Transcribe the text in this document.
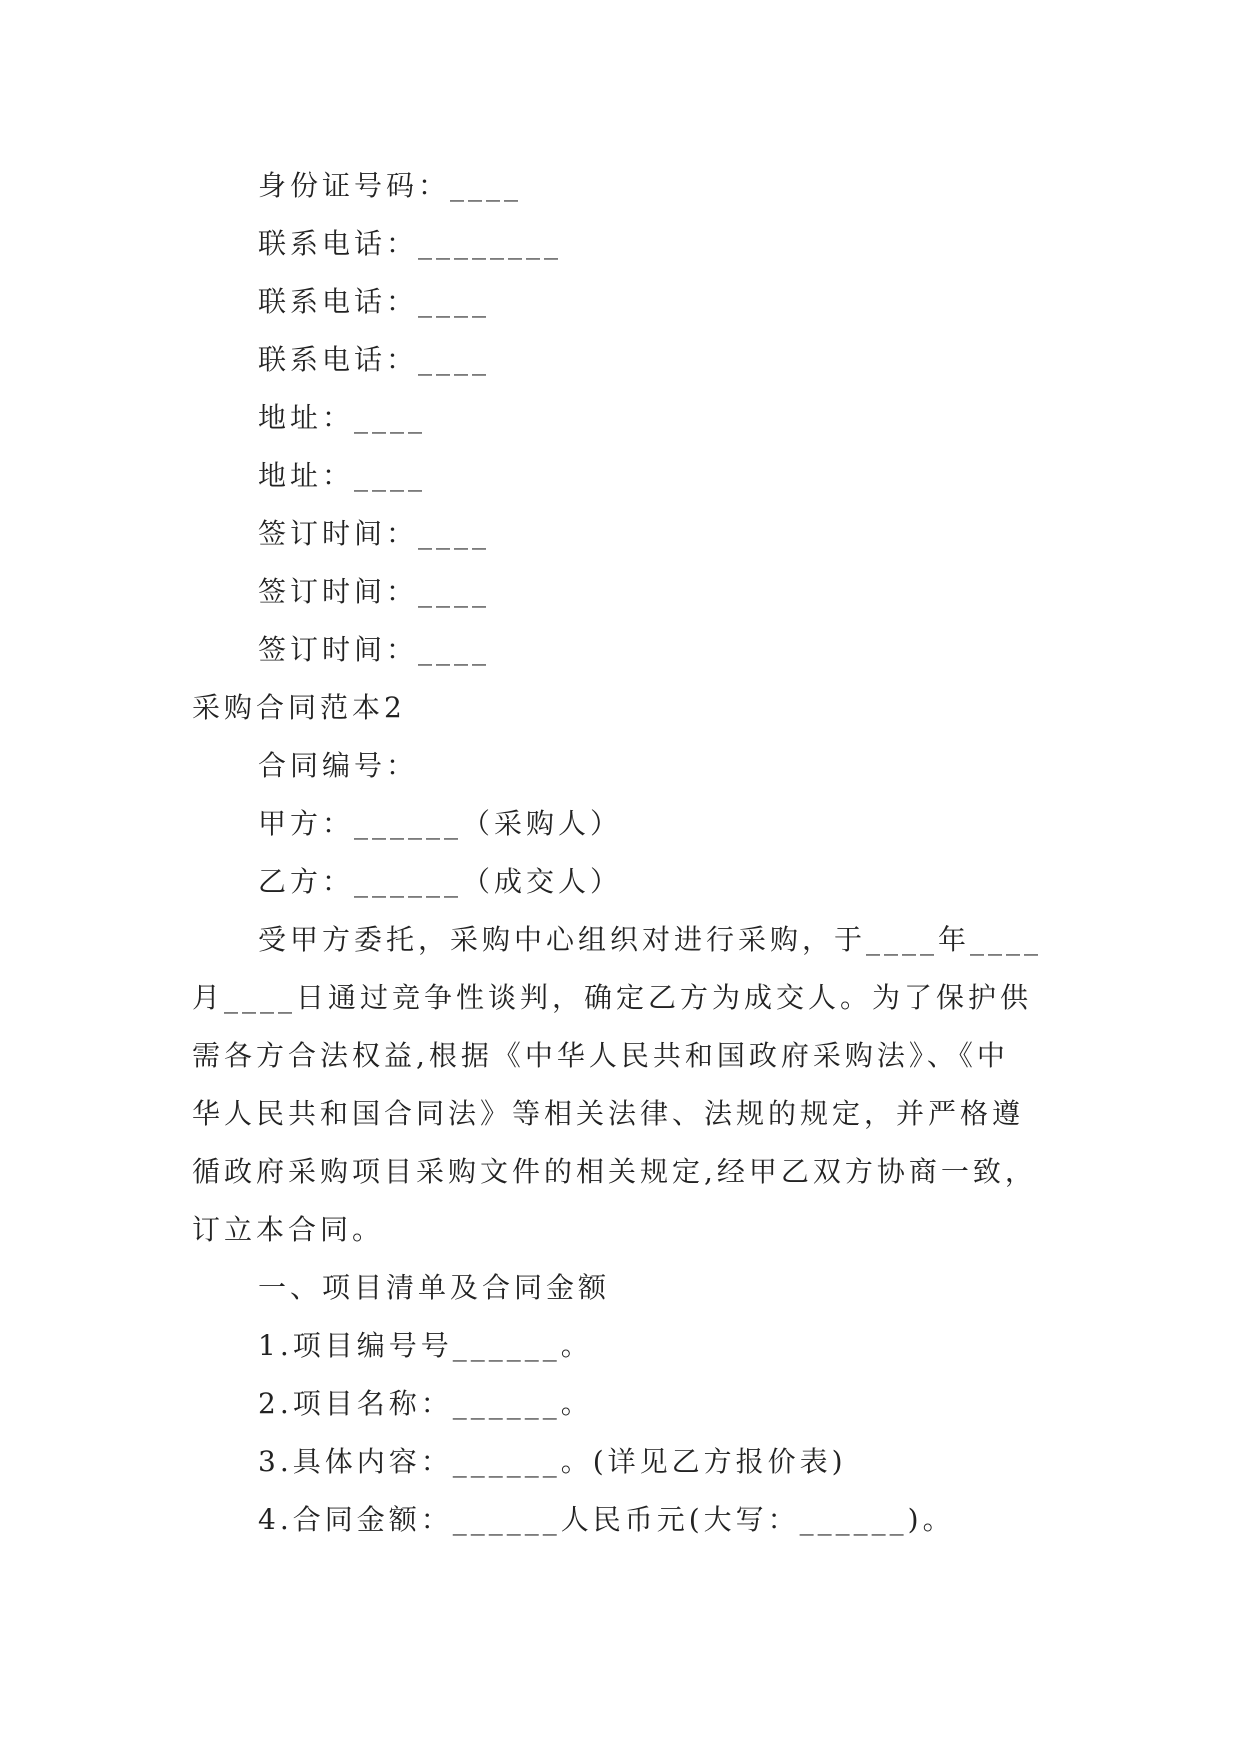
身份证号码：____
联系电话：________
联系电话：____
联系电话：____
地址：____
地址：____
签订时间：____
签订时间：____
签订时间：____
采购合同范本2
合同编号：
甲方：______（采购人）
乙方：______（成交人）
受甲方委托，采购中心组织对进行采购，于____年____
月____日通过竞争性谈判，确定乙方为成交人。为了保护供
需各方合法权益,根据《中华人民共和国政府采购法》、《中
华人民共和国合同法》等相关法律、法规的规定，并严格遵
循政府采购项目采购文件的相关规定,经甲乙双方协商一致，
订立本合同。
一、项目清单及合同金额
1.项目编号号______。
2.项目名称：______。
3.具体内容：______。(详见乙方报价表)
4.合同金额：______人民币元(大写：______)。
